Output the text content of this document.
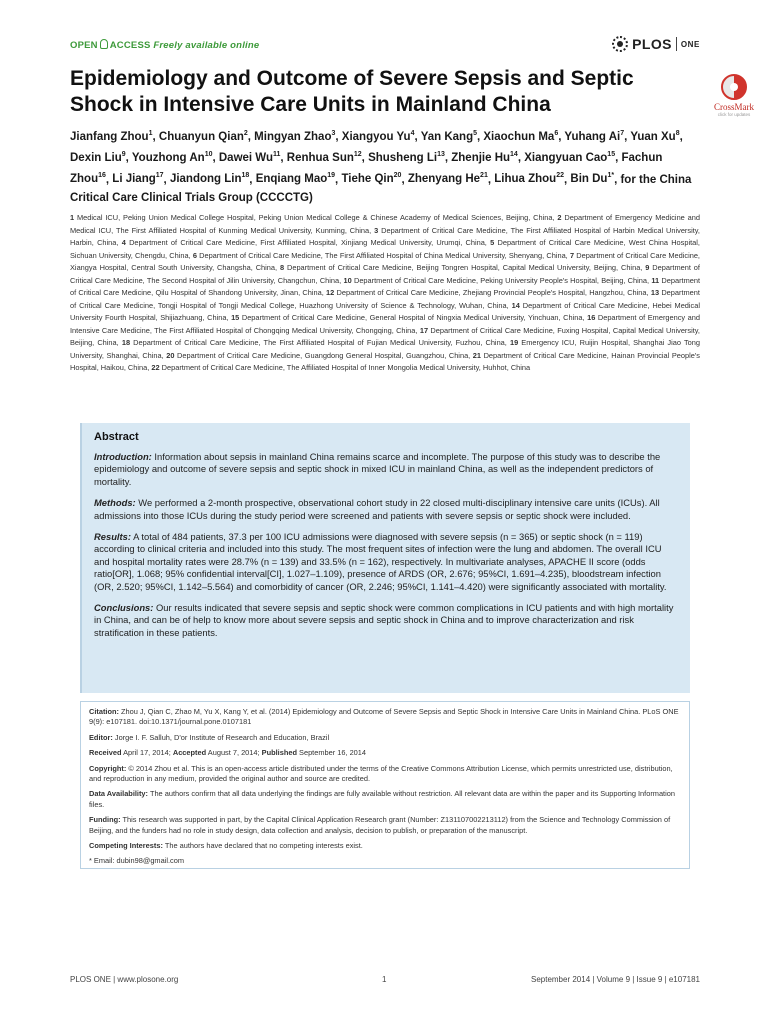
OPEN ACCESS Freely available online	PLOS ONE
Epidemiology and Outcome of Severe Sepsis and Septic Shock in Intensive Care Units in Mainland China	CrossMark
click for updates
Jianfang Zhou$^1$, Chuanyun Qian$^2$, Mingyan Zhao$^3$, Xiangyou Yu$^4$, Yan Kang$^5$, Xiaochun Ma$^6$, Yuhang Ai$^7$, Yuan Xu$^8$, Dexin Liu$^9$, Youzhong An$^{10}$, Dawei Wu$^{11}$, Renhua Sun$^{12}$, Shusheng Li$^{13}$, Zhenjie Hu$^{14}$, Xiangyuan Cao$^{15}$, Fachun Zhou$^{16}$, Li Jiang$^{17}$, Jiandong Lin$^{18}$, Enqiang Mao$^{19}$, Tiehe Qin$^{20}$, Zhenyang He$^{21}$, Lihua Zhou$^{22}$, Bin $Du^{1*}$, for the China Critical Care Clinical Trials Group (CCCCTG)
1 Medical ICU, Peking Union Medical College Hospital, Peking Union Medical College & Chinese Academy of Medical Sciences, Beijing, China, 2 Department of Emergency Medicine and Medical ICU, The First Affiliated Hospital of Kunming Medical University, Kunming, China, 3 Department of Critical Care Medicine, The First Affiliated Hospital of Harbin Medical University, Harbin, China, 4 Department of Critical Care Medicine, First Affiliated Hospital, Xinjiang Medical University, Urumqi, China, 5 Department of Critical Care Medicine, West China Hospital, Sichuan University, Chengdu, China, 6 Department of Critical Care Medicine, The First Affiliated Hospital of China Medical University, Shenyang, China, 7 Department of Critical Care Medicine, Xiangya Hospital, Central South University, Changsha, China, 8 Department of Critical Care Medicine, Beijing Tongren Hospital, Capital Medical University, Beijing, China, 9 Department of Critical Care Medicine, The Second Hospital of Jilin University, Changchun, China, 10 Department of Critical Care Medicine, Peking University People's Hospital, Beijing, China, 11 Department of Critical Care Medicine, Qilu Hospital of Shandong University, Jinan, China, 12 Department of Critical Care Medicine, Zhejiang Provincial People's Hospital, Hangzhou, China, 13 Department of Critical Care Medicine, Tongji Hospital of Tongji Medical College, Huazhong University of Science & Technology, Wuhan, China, 14 Department of Critical Care Medicine, Hebei Medical University Fourth Hospital, Shijiazhuang, China, 15 Department of Critical Care Medicine, General Hospital of Ningxia Medical University, Yinchuan, China, 16 Department of Emergency and Intensive Care Medicine, The First Affiliated Hospital of Chongqing Medical University, Chongqing, China, 17 Department of Critical Care Medicine, Fuxing Hospital, Capital Medical University, Beijing, China, 18 Department of Critical Care Medicine, The First Affiliated Hospital of Fujian Medical University, Fuzhou, China, 19 Emergency ICU, Ruijin Hospital, Shanghai Jiao Tong University, Shanghai, China, 20 Department of Critical Care Medicine, Guangdong General Hospital, Guangzhou, China, 21 Department of Critical Care Medicine, Hainan Provincial People's Hospital, Haikou, China, 22 Department of Critical Care Medicine, The Affiliated Hospital of Inner Mongolia Medical University, Huhhot, China
Abstract

Introduction: Information about sepsis in mainland China remains scarce and incomplete. The purpose of this study was to describe the epidemiology and outcome of severe sepsis and septic shock in mixed ICU in mainland China, as well as the independent predictors of mortality.

Methods: We performed a 2-month prospective, observational cohort study in 22 closed multi-disciplinary intensive care units (ICUs). All admissions into those ICUs during the study period were screened and patients with severe sepsis or septic shock were included.

Results: A total of 484 patients, 37.3 per 100 ICU admissions were diagnosed with severe sepsis (n = 365) or septic shock (n = 119) according to clinical criteria and included into this study. The most frequent sites of infection were the lung and abdomen. The overall ICU and hospital mortality rates were 28.7% (n = 139) and 33.5% (n = 162), respectively. In multivariate analyses, APACHE II score (odds ratio[OR], 1.068; 95% confidential interval[CI], 1.027–1.109), presence of ARDS (OR, 2.676; 95%CI, 1.691–4.235), bloodstream infection (OR, 2.520; 95%CI, 1.142–5.564) and comorbidity of cancer (OR, 2.246; 95%CI, 1.141–4.420) were significantly associated with mortality.

Conclusions: Our results indicated that severe sepsis and septic shock were common complications in ICU patients and with high mortality in China, and can be of help to know more about severe sepsis and septic shock in China and to improve characterization and risk stratification in these patients.

Citation: Zhou J, Qian C, Zhao M, Yu X, Kang Y, et al. (2014) Epidemiology and Outcome of Severe Sepsis and Septic Shock in Intensive Care Units in Mainland China. PLoS ONE 9(9): e107181. doi:10.1371/journal.pone.0107181

Editor: Jorge I. F. Salluh, D'or Institute of Research and Education, Brazil

Received April 17, 2014; Accepted August 7, 2014; Published September 16, 2014

Copyright: © 2014 Zhou et al. This is an open-access article distributed under the terms of the Creative Commons Attribution License, which permits unrestricted use, distribution, and reproduction in any medium, provided the original author and source are credited.

Data Availability: The authors confirm that all data underlying the findings are fully available without restriction. All relevant data are within the paper and its Supporting Information files.

Funding: This research was supported in part, by the Capital Clinical Application Research grant (Number: Z131107002213112) from the Science and Technology Commission of Beijing, and the funders had no role in study design, data collection and analysis, decision to publish, or preparation of the manuscript.

Competing Interests: The authors have declared that no competing interests exist.

* Email: dubin98@gmail.com

PLOS ONE | www.plosone.org	1	September 2014 | Volume 9 | Issue 9 | e107181
